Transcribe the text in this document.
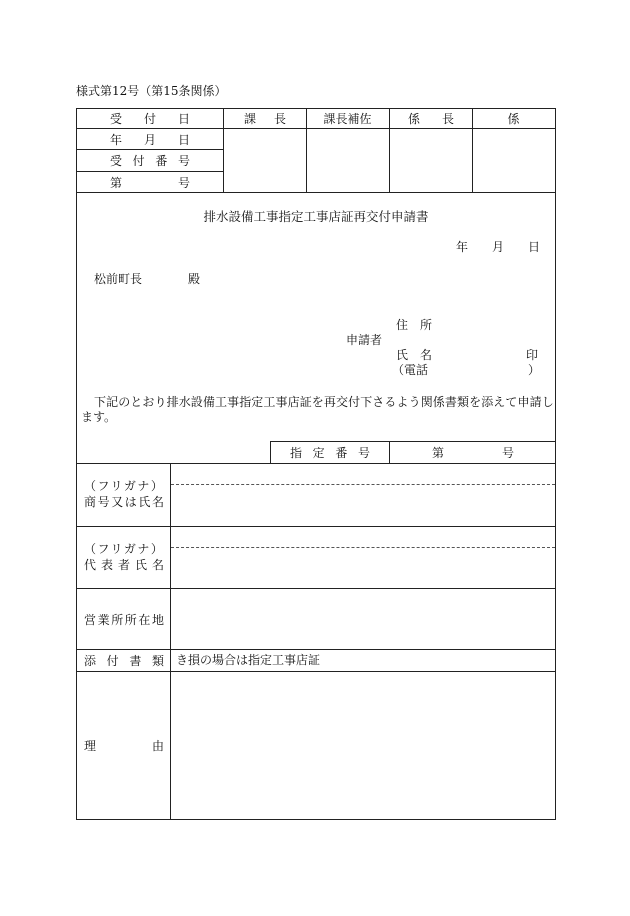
様式第12号（第15条関係）
受 付 日
年 月 日
受 付 番 号
第	号
課 長	課長補佐	係 長	係
排水設備工事指定工事店証再交付申請書
年 月 日
松前町長	殿
住　所
申請者
氏　名	印
（電話	）
下記のとおり排水設備工事指定工事店証を再交付下さるよう関係書類を添えて申請し
ます。
指 定 番 号	第	号
（フリガナ）
商 号 又 は 氏 名
（フリガナ）
代 表 者 氏 名
営 業 所 所 在 地
添 付 書 類 き損の場合は指定工事店証
理	由
